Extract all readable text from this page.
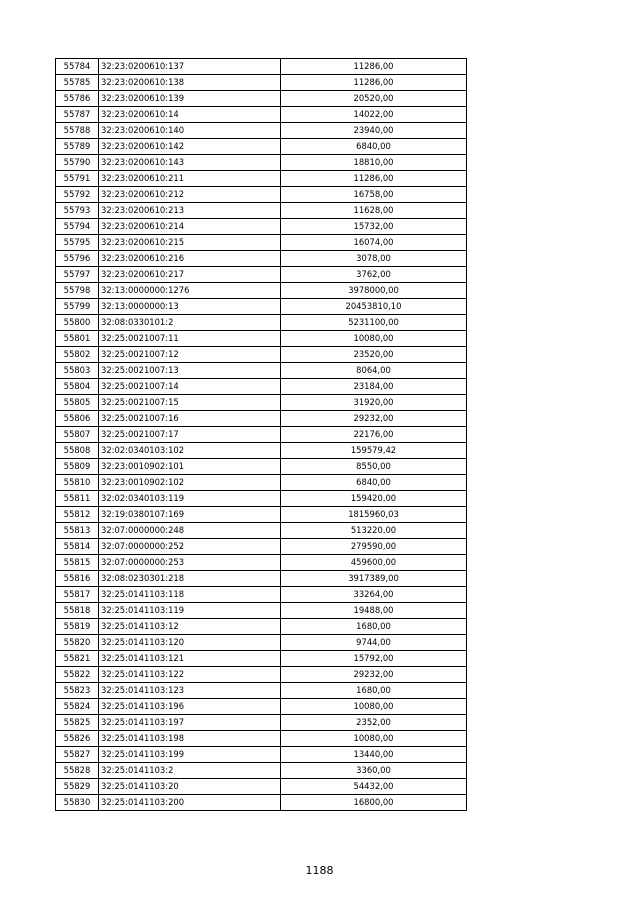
55784	32:23:0200610:137	11286,00
55785	32:23:0200610:138	11286,00
55786	32:23:0200610:139	20520,00
55787	32:23:0200610:14	14022,00
55788	32:23:0200610:140	23940,00
55789	32:23:0200610:142	6840,00
55790	32:23:0200610:143	18810,00
55791	32:23:0200610:211	11286,00
55792	32:23:0200610:212	16758,00
55793	32:23:0200610:213	11628,00
55794	32:23:0200610:214	15732,00
55795	32:23:0200610:215	16074,00
55796	32:23:0200610:216	3078,00
55797	32:23:0200610:217	3762,00
55798	32:13:0000000:1276	3978000,00
55799	32:13:0000000:13	20453810,10
55800	32:08:0330101:2	5231100,00
55801	32:25:0021007:11	10080,00
55802	32:25:0021007:12	23520,00
55803	32:25:0021007:13	8064,00
55804	32:25:0021007:14	23184,00
55805	32:25:0021007:15	31920,00
55806	32:25:0021007:16	29232,00
55807	32:25:0021007:17	22176,00
55808	32:02:0340103:102	159579,42
55809	32:23:0010902:101	8550,00
55810	32:23:0010902:102	6840,00
55811	32:02:0340103:119	159420,00
55812	32:19:0380107:169	1815960,03
55813	32:07:0000000:248	513220,00
55814	32:07:0000000:252	279590,00
55815	32:07:0000000:253	459600,00
55816	32:08:0230301:218	3917389,00
55817	32:25:0141103:118	33264,00
55818	32:25:0141103:119	19488,00
55819	32:25:0141103:12	1680,00
55820	32:25:0141103:120	9744,00
55821	32:25:0141103:121	15792,00
55822	32:25:0141103:122	29232,00
55823	32:25:0141103:123	1680,00
55824	32:25:0141103:196	10080,00
55825	32:25:0141103:197	2352,00
55826	32:25:0141103:198	10080,00
55827	32:25:0141103:199	13440,00
55828	32:25:0141103:2	3360,00
55829	32:25:0141103:20	54432,00
55830	32:25:0141103:200	16800,00
1188
